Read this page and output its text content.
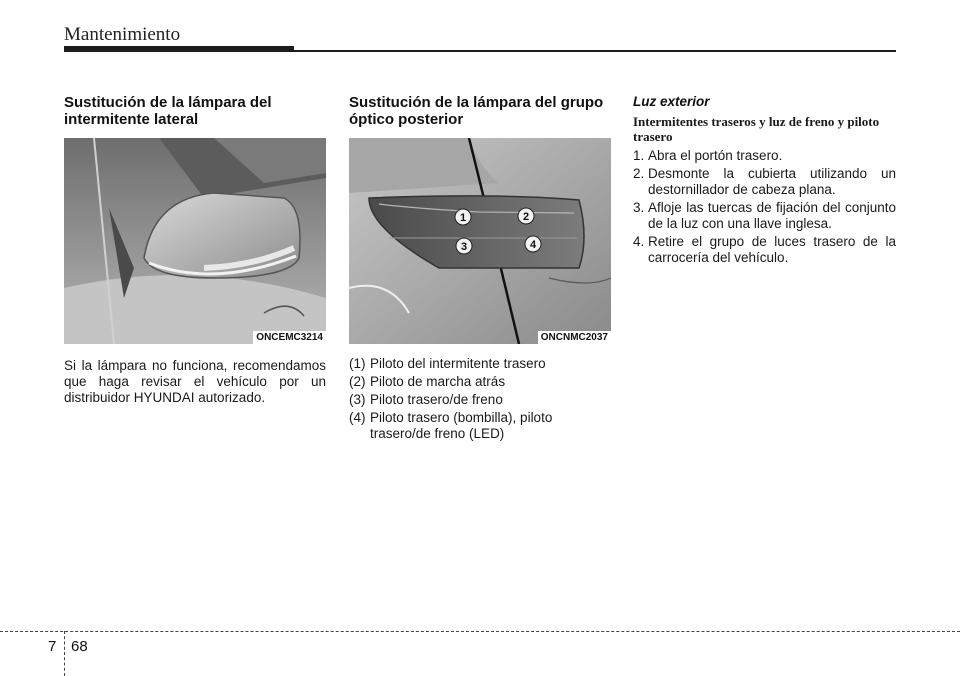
Mantenimiento
Sustitución de la lámpara del intermitente lateral
ONCEMC3214

Si la lámpara no funciona, recomendamos que haga revisar el vehículo por un distribuidor HYUNDAI autorizado.

Sustitución de la lámpara del grupo óptico posterior
1	2
3	4
ONCNMC2037
(1) Piloto del intermitente trasero
(2) Piloto de marcha atrás
(3) Piloto trasero/de freno
(4) Piloto trasero (bombilla), piloto trasero/de freno (LED)
Luz exterior
Intermitentes traseros y luz de freno y piloto trasero
1. Abra el portón trasero.
2. Desmonte la cubierta utilizando un destornillador de cabeza plana.
3. Afloje las tuercas de fijación del conjunto de la luz con una llave inglesa.
4. Retire el grupo de luces trasero de la carrocería del vehículo.
7 68
